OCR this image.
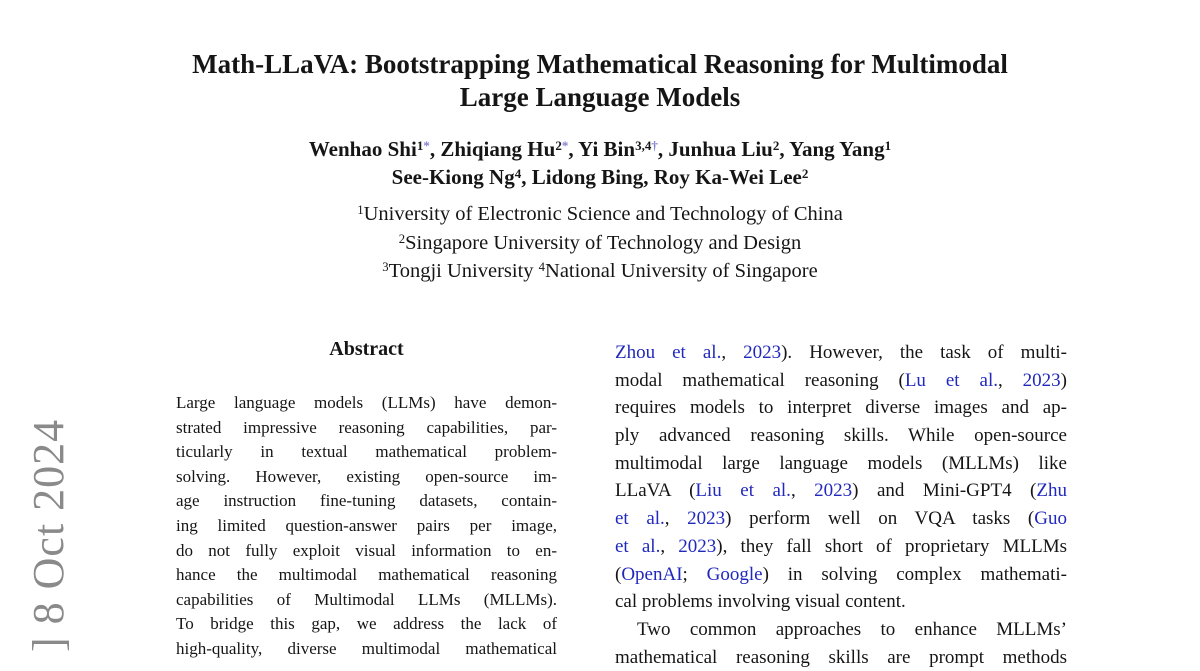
] 8 Oct 2024
Math-LLaVA: Bootstrapping Mathematical Reasoning for Multimodal
Large Language Models
Wenhao Shi$^{1*}$, Zhiqiang $Hu^{2*}$, Yi Bin$^{3,4\dagger}$, Junhua Liu$^2$, Yang Yang$^1$
See-Kiong Ng$^4$, Lidong Bing, Roy Ka-Wei Lee$^2$
$^1$University of Electronic Science and Technology of China
$^2$Singapore University of Technology and Design
$^3$Tongji University $^4$National University of Singapore
Abstract
Large language models (LLMs) have demon-
strated impressive reasoning capabilities, par-
ticularly in textual mathematical problem-
solving. However, existing open-source im-
age instruction fine-tuning datasets, contain-
ing limited question-answer pairs per image,
do not fully exploit visual information to en-
hance the multimodal mathematical reasoning
capabilities of Multimodal LLMs (MLLMs).
To bridge this gap, we address the lack of
high-quality, diverse multimodal mathematical
Zhou et al., 2023). However, the task of multi-
modal mathematical reasoning (Lu et al., 2023)
requires models to interpret diverse images and ap-
ply advanced reasoning skills. While open-source
multimodal large language models (MLLMs) like
LLaVA (Liu et al., 2023) and Mini-GPT4 (Zhu
et al., 2023) perform well on VQA tasks (Guo
et al., 2023), they fall short of proprietary MLLMs
(OpenAI; Google) in solving complex mathemati-
cal problems involving visual content.
Two common approaches to enhance MLLMs’
mathematical reasoning skills are prompt methods
